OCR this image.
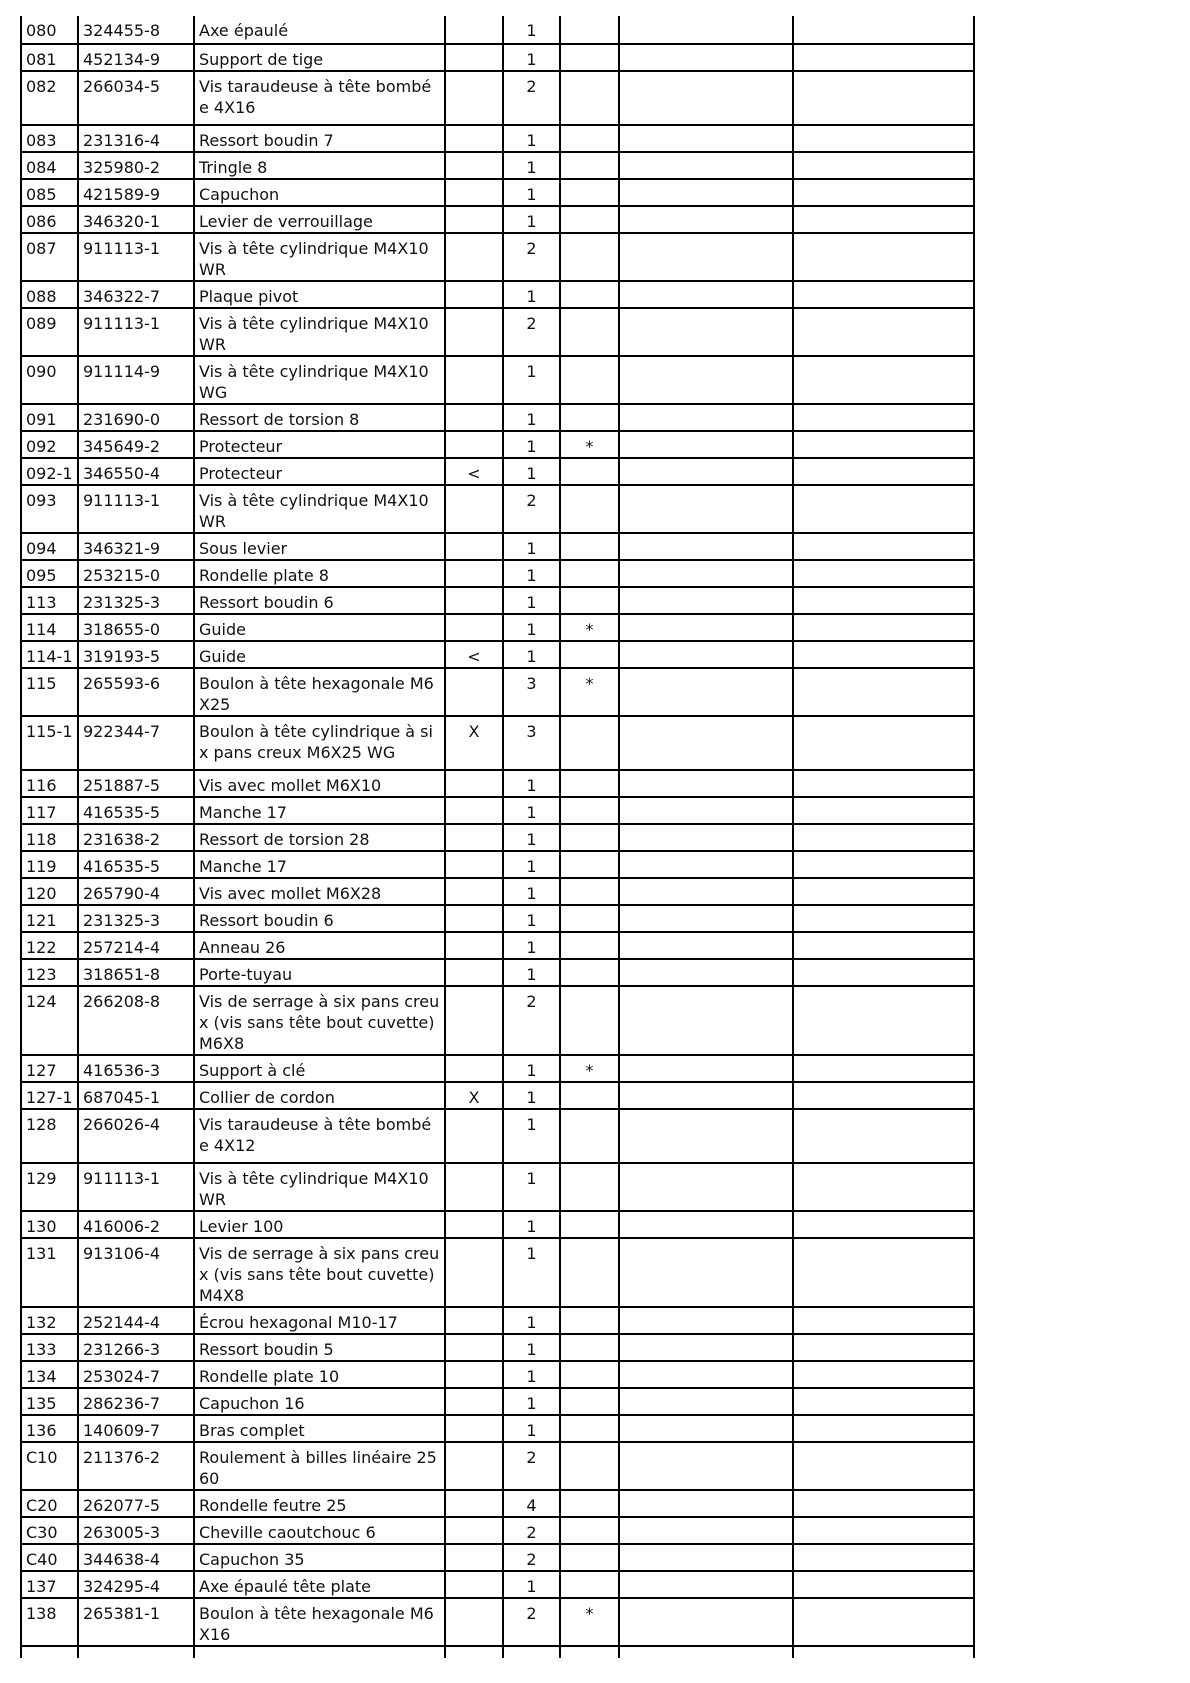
080	324455-8	Axe épaulé		1			
081	452134-9	Support de tige		1			
082	266034-5	Vis taraudeuse à tête bombée 4X16		2			
083	231316-4	Ressort boudin 7		1			
084	325980-2	Tringle 8		1			
085	421589-9	Capuchon		1			
086	346320-1	Levier de verrouillage		1			
087	911113-1	Vis à tête cylindrique M4X10 WR		2			
088	346322-7	Plaque pivot		1			
089	911113-1	Vis à tête cylindrique M4X10 WR		2			
090	911114-9	Vis à tête cylindrique M4X10 WG		1			
091	231690-0	Ressort de torsion 8		1			
092	345649-2	Protecteur		1	*		
092-1	346550-4	Protecteur	<	1			
093	911113-1	Vis à tête cylindrique M4X10 WR		2			
094	346321-9	Sous levier		1			
095	253215-0	Rondelle plate 8		1			
113	231325-3	Ressort boudin 6		1			
114	318655-0	Guide		1	*		
114-1	319193-5	Guide	<	1			
115	265593-6	Boulon à tête hexagonale M6X25		3	*		
115-1	922344-7	Boulon à tête cylindrique à six pans creux M6X25 WG	X	3			
116	251887-5	Vis avec mollet M6X10		1			
117	416535-5	Manche 17		1			
118	231638-2	Ressort de torsion 28		1			
119	416535-5	Manche 17		1			
120	265790-4	Vis avec mollet M6X28		1			
121	231325-3	Ressort boudin 6		1			
122	257214-4	Anneau 26		1			
123	318651-8	Porte-tuyau		1			
124	266208-8	Vis de serrage à six pans creux (vis sans tête bout cuvette) M6X8		2			
127	416536-3	Support à clé		1	*		
127-1	687045-1	Collier de cordon	X	1			
128	266026-4	Vis taraudeuse à tête bombée 4X12		1			
129	911113-1	Vis à tête cylindrique M4X10 WR		1			
130	416006-2	Levier 100		1			
131	913106-4	Vis de serrage à six pans creux (vis sans tête bout cuvette) M4X8		1			
132	252144-4	Écrou hexagonal M10-17		1			
133	231266-3	Ressort boudin 5		1			
134	253024-7	Rondelle plate 10		1			
135	286236-7	Capuchon 16		1			
136	140609-7	Bras complet		1			
C10	211376-2	Roulement à billes linéaire 2560		2			
C20	262077-5	Rondelle feutre 25		4			
C30	263005-3	Cheville caoutchouc 6		2			
C40	344638-4	Capuchon 35		2			
137	324295-4	Axe épaulé tête plate		1			
138	265381-1	Boulon à tête hexagonale M6X16		2	*		
